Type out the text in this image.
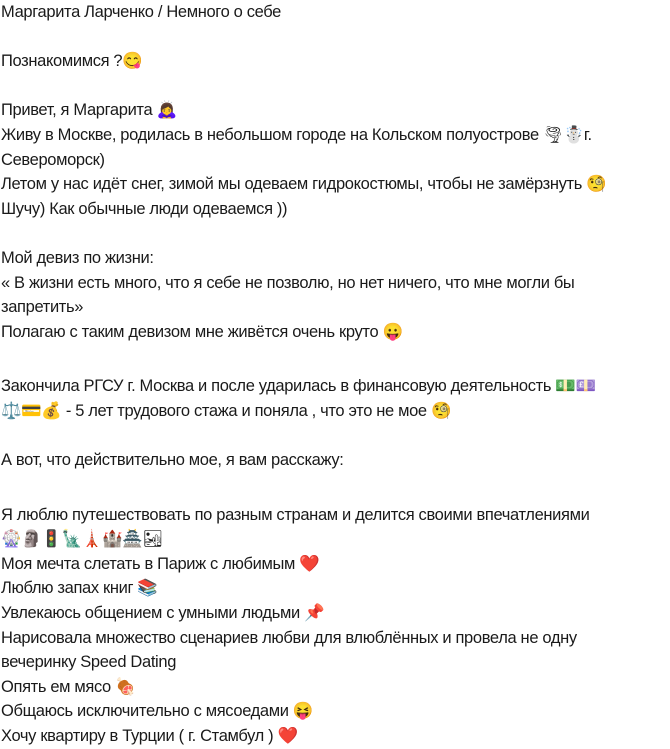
Маргарита Ларченко / Немного о себе
Познакомимся ?😋
Привет, я Маргарита 🙇‍♀️
Живу в Москве, родилась в небольшом городе на Кольском полуострове 🌪☃️г.
Североморск)
Летом у нас идёт снег, зимой мы одеваем гидрокостюмы, чтобы не замёрзнуть 🧐
Шучу) Как обычные люди одеваемся ))
Мой девиз по жизни:
« В жизни есть много, что я себе не позволю, но нет ничего, что мне могли бы
запретить»
Полагаю с таким девизом мне живётся очень круто 😛
Закончила РГСУ г. Москва и после ударилась в финансовую деятельность 💵💷
⚖️💳💰 - 5 лет трудового стажа и поняла , что это не мое 🧐
А вот, что действительно мое, я вам расскажу:
Я люблю путешествовать по разным странам и делится своими впечатлениями
🎡🗿🚦🗽🗼🏰🏯🏜
Моя мечта слетать в Париж с любимым ❤️
Люблю запах книг 📚
Увлекаюсь общением с умными людьми 📌
Нарисовала множество сценариев любви для влюблённых и провела не одну
вечеринку Speed Dating
Опять ем мясо 🍖
Общаюсь исключительно с мясоедами 😝
Хочу квартиру в Турции ( г. Стамбул ) ❤️
